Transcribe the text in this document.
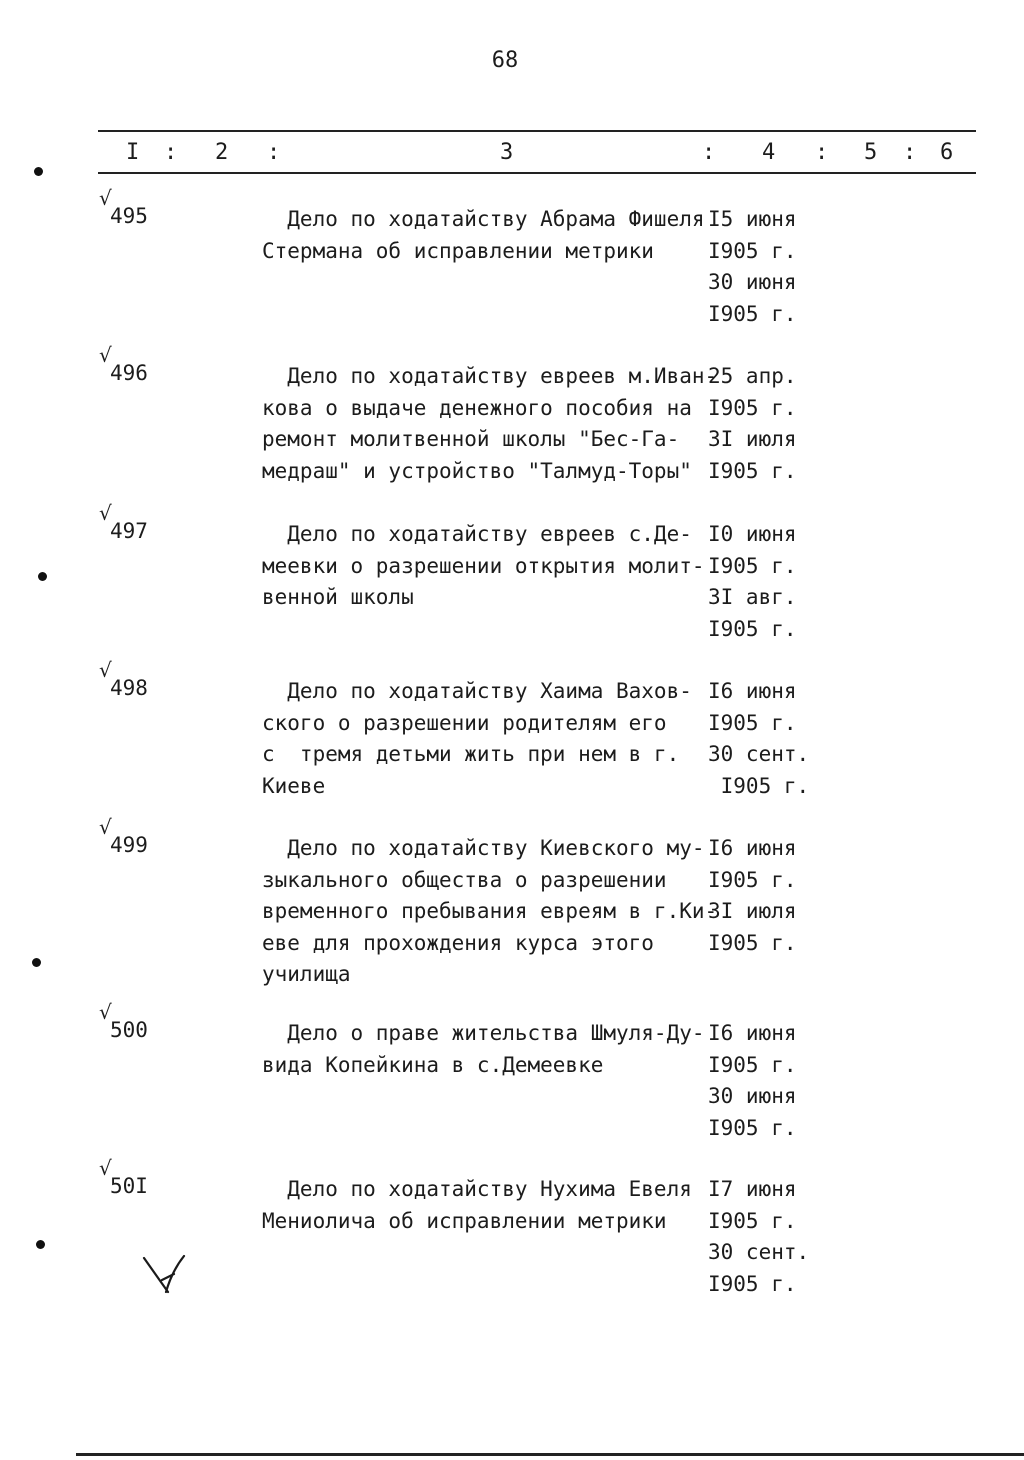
68
I : 2 :	3	: 4 : 5 : 6
√
495	Дело по ходатайству Абрама Фишеля
Стермана об исправлении метрики
I5 июня
I905 г.
30 июня
I905 г.
√
496	Дело по ходатайству евреев м.Иван-
кова о выдаче денежного пособия на
ремонт молитвенной школы "Бес-Га-
медраш" и устройство "Талмуд-Торы"
25 апр.
I905 г.
3I июля
I905 г.
√
497	Дело по ходатайству евреев с.Де-
меевки о разрешении открытия молит-
венной школы
I0 июня
I905 г.
3I авг.
I905 г.
√
498	Дело по ходатайству Хаима Вахов-
ского о разрешении родителям его
с  тремя детьми жить при нем в г.
Киеве
I6 июня
I905 г.
30 сент.
I905 г.
√
499	Дело по ходатайству Киевского му-
зыкального общества о разрешении
временного пребывания евреям в г.Ки-
еве для прохождения курса этого
училища
I6 июня
I905 г.
3I июля
I905 г.
√
500	Дело о праве жительства Шмуля-Ду-
вида Копейкина в с.Демеевке
I6 июня
I905 г.
30 июня
I905 г.
√
50I	Дело по ходатайству Нухима Евеля
Мениолича об исправлении метрики
I7 июня
I905 г.
30 сент.
I905 г.
